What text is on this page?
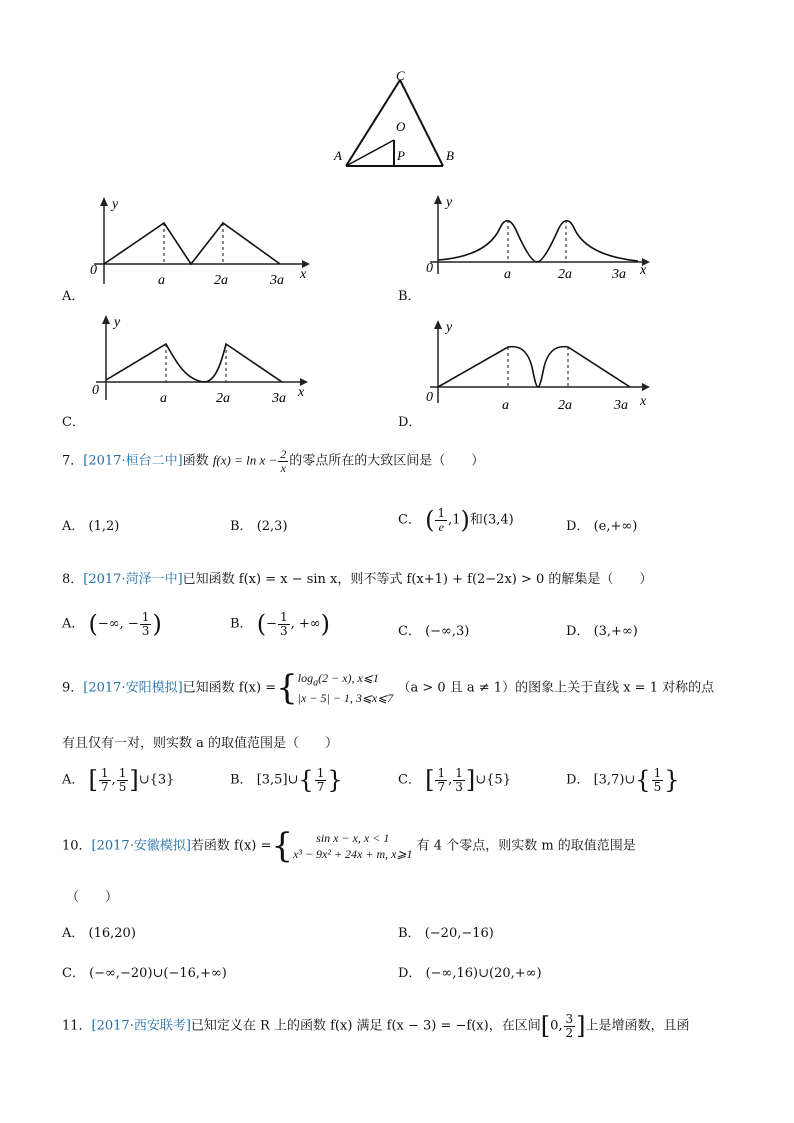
C
O
A	P	B
y
0
a	2a	3a x
A．
y
0	a	2a	3a x
B．
y
0
a	2a	3a x
C．
y
0
a	2a	3a x
D．
7．[2017·桓台二中]函数 $f(x) = \ln x - \frac{2}{x}$ 的零点所在的大致区间是（　　）
A． (1,2)	B． (2,3)	C． ( $\frac{1}{e} ,1$)和(3,4)	D． (e,+∞)
8．[2017·菏泽一中]已知函数 f(x) = x − sin x，则不等式 f(x+1) + f(2−2x) > 0 的解集是（　　）
A． (−∞, − $\frac{1}{3}$ )	B． (− $\frac{1}{3}$ , +∞)	C． (−∞,3)	D． (3,+∞)
9．[2017·安阳模拟]已知函数 $f(x) =\{\log_a(2 - x)$, x⩽1
|x − 5| − 1, 3⩽x⩽7 （a > 0 且 a ≠ 1）的图象上关于直线 x = 1 对称的点
有且仅有一对，则实数 a 的取值范围是（　　）
A． [ $\frac{1}{7}$ , $\frac{1}{5}$ ]∪{3}	B． [3,5]∪{ $\frac{1}{7}$ }	C． [ $\frac{1}{7}$ , $\frac{1}{3}$ ]∪{5}	D． [3,7)∪{ $\frac{1}{5}$ }
10．[2017·安徽模拟]若函数 f(x) ={ sin x − x, x < 1
x³ − 9x² + 24x + m, x⩾1 有 4 个零点，则实数 m 的取值范围是
（　　）
A． (16,20)	B． (−20,−16)
C． (−∞,−20)∪(−16,+∞)	D． (−∞,16)∪(20,+∞)
11．[2017·西安联考]已知定义在 R 上的函数 f(x) 满足 f(x − 3) = −f(x)，在区间[0, $\frac{3}{2}$ ]上是增函数，且函
